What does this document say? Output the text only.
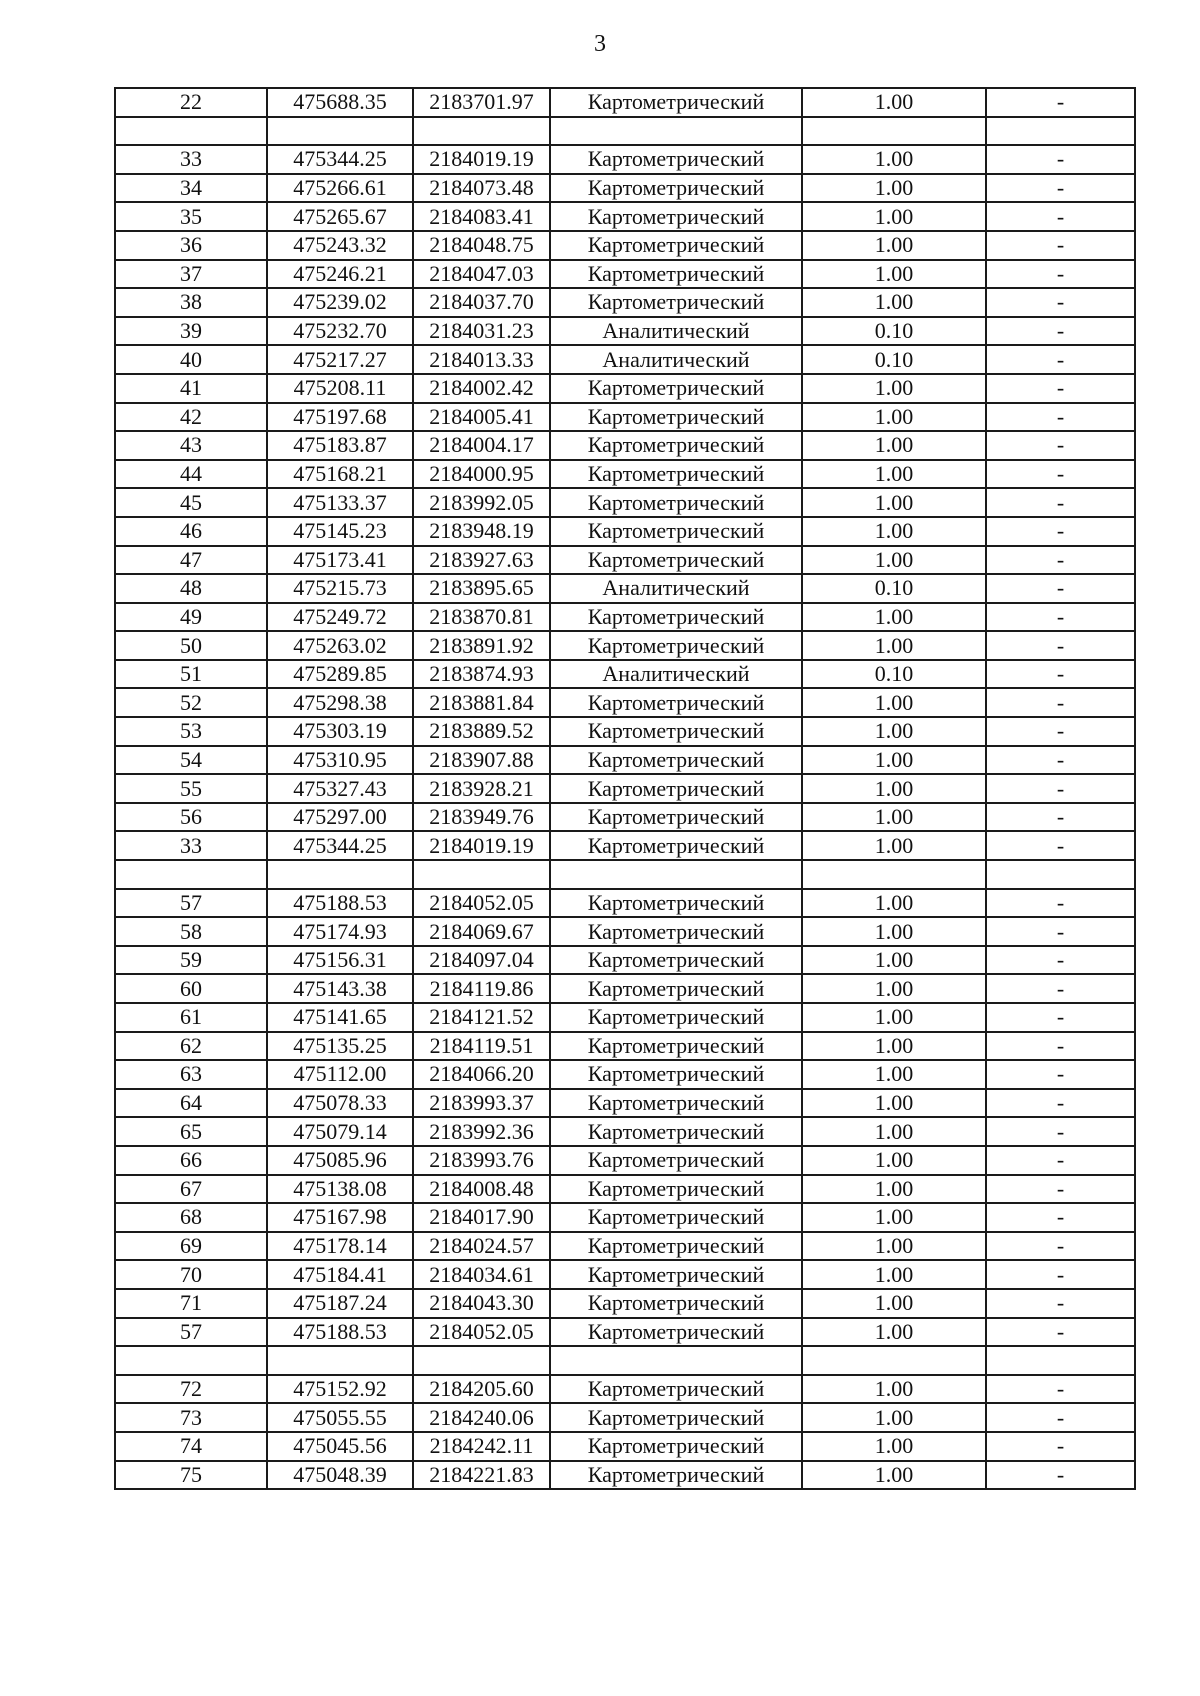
3
22	475688.35	2183701.97	Картометрический	1.00	-

33	475344.25	2184019.19	Картометрический	1.00	-
34	475266.61	2184073.48	Картометрический	1.00	-
35	475265.67	2184083.41	Картометрический	1.00	-
36	475243.32	2184048.75	Картометрический	1.00	-
37	475246.21	2184047.03	Картометрический	1.00	-
38	475239.02	2184037.70	Картометрический	1.00	-
39	475232.70	2184031.23	Аналитический	0.10	-
40	475217.27	2184013.33	Аналитический	0.10	-
41	475208.11	2184002.42	Картометрический	1.00	-
42	475197.68	2184005.41	Картометрический	1.00	-
43	475183.87	2184004.17	Картометрический	1.00	-
44	475168.21	2184000.95	Картометрический	1.00	-
45	475133.37	2183992.05	Картометрический	1.00	-
46	475145.23	2183948.19	Картометрический	1.00	-
47	475173.41	2183927.63	Картометрический	1.00	-
48	475215.73	2183895.65	Аналитический	0.10	-
49	475249.72	2183870.81	Картометрический	1.00	-
50	475263.02	2183891.92	Картометрический	1.00	-
51	475289.85	2183874.93	Аналитический	0.10	-
52	475298.38	2183881.84	Картометрический	1.00	-
53	475303.19	2183889.52	Картометрический	1.00	-
54	475310.95	2183907.88	Картометрический	1.00	-
55	475327.43	2183928.21	Картометрический	1.00	-
56	475297.00	2183949.76	Картометрический	1.00	-
33	475344.25	2184019.19	Картометрический	1.00	-

57	475188.53	2184052.05	Картометрический	1.00	-
58	475174.93	2184069.67	Картометрический	1.00	-
59	475156.31	2184097.04	Картометрический	1.00	-
60	475143.38	2184119.86	Картометрический	1.00	-
61	475141.65	2184121.52	Картометрический	1.00	-
62	475135.25	2184119.51	Картометрический	1.00	-
63	475112.00	2184066.20	Картометрический	1.00	-
64	475078.33	2183993.37	Картометрический	1.00	-
65	475079.14	2183992.36	Картометрический	1.00	-
66	475085.96	2183993.76	Картометрический	1.00	-
67	475138.08	2184008.48	Картометрический	1.00	-
68	475167.98	2184017.90	Картометрический	1.00	-
69	475178.14	2184024.57	Картометрический	1.00	-
70	475184.41	2184034.61	Картометрический	1.00	-
71	475187.24	2184043.30	Картометрический	1.00	-
57	475188.53	2184052.05	Картометрический	1.00	-

72	475152.92	2184205.60	Картометрический	1.00	-
73	475055.55	2184240.06	Картометрический	1.00	-
74	475045.56	2184242.11	Картометрический	1.00	-
75	475048.39	2184221.83	Картометрический	1.00	-
